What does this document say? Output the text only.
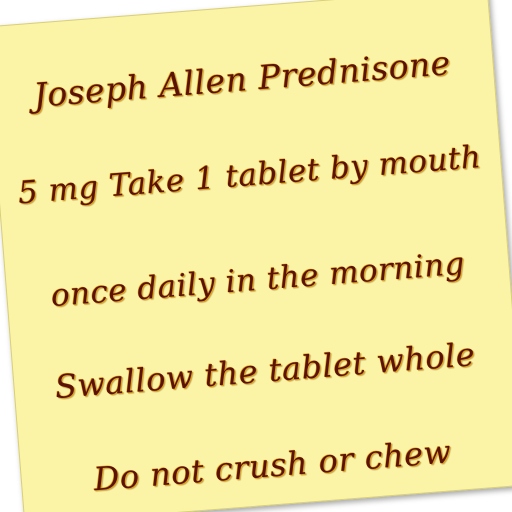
Joseph Allen Prednisone
5 mg Take 1 tablet by mouth
once daily in the morning
Swallow the tablet whole
Do not crush or chew
